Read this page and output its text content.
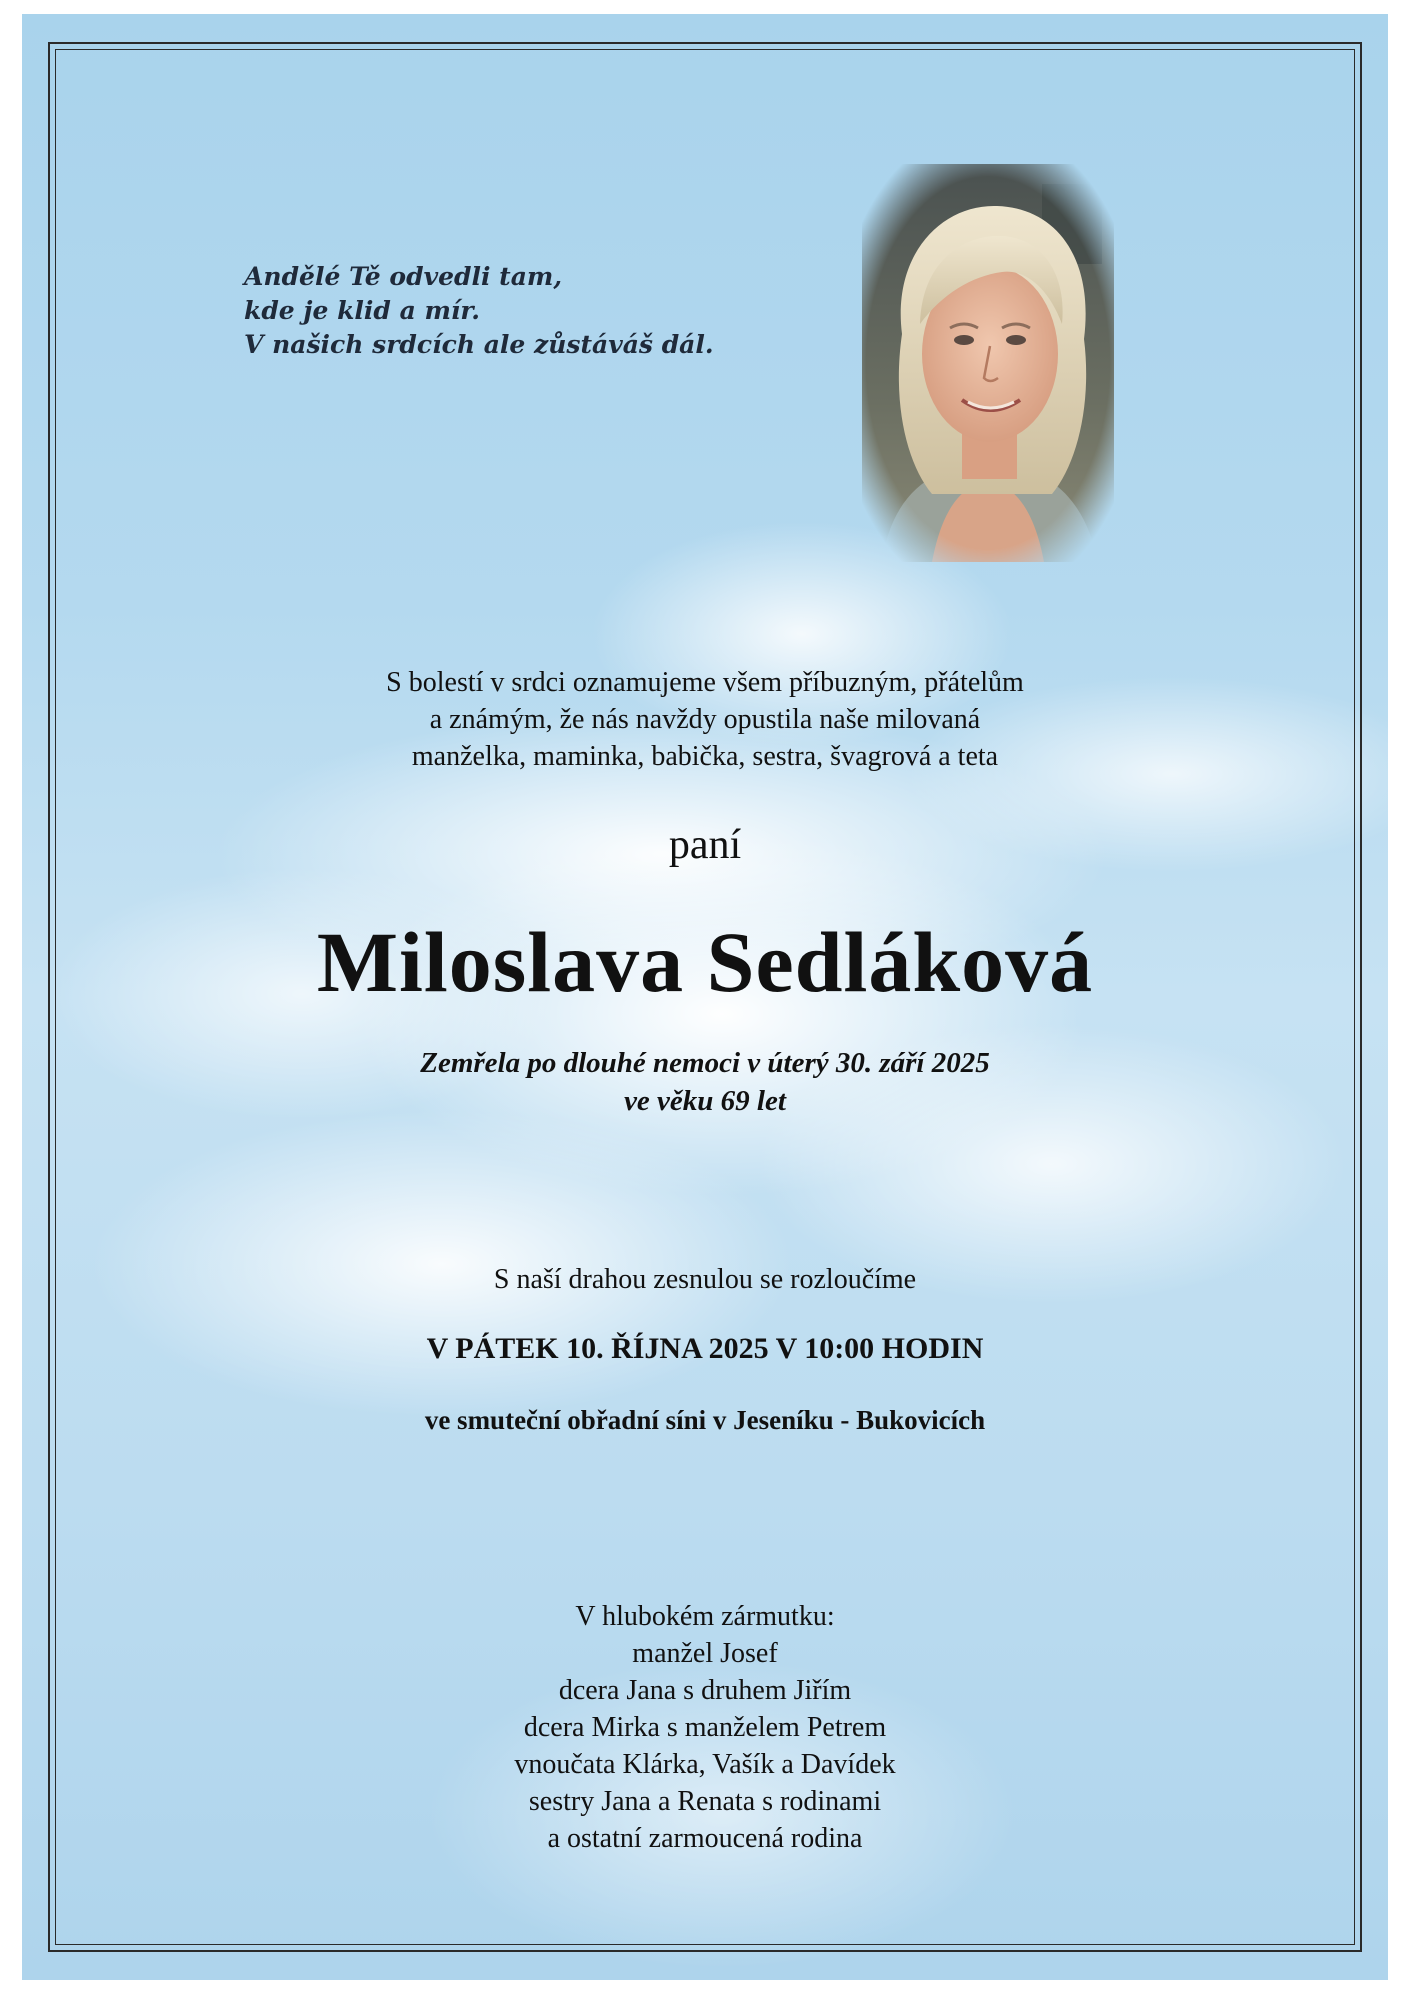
Andělé Tě odvedli tam,
kde je klid a mír.
V našich srdcích ale zůstáváš dál.
S bolestí v srdci oznamujeme všem příbuzným, přátelům
a známým, že nás navždy opustila naše milovaná
manželka, maminka, babička, sestra, švagrová a teta
paní
Miloslava Sedláková
Zemřela po dlouhé nemoci v úterý 30. září 2025
ve věku 69 let
S naší drahou zesnulou se rozloučíme
V PÁTEK 10. ŘÍJNA 2025 V 10:00 HODIN
ve smuteční obřadní síni v Jeseníku - Bukovicích
V hlubokém zármutku:
manžel Josef
dcera Jana s druhem Jiřím
dcera Mirka s manželem Petrem
vnoučata Klárka, Vašík a Davídek
sestry Jana a Renata s rodinami
a ostatní zarmoucená rodina
